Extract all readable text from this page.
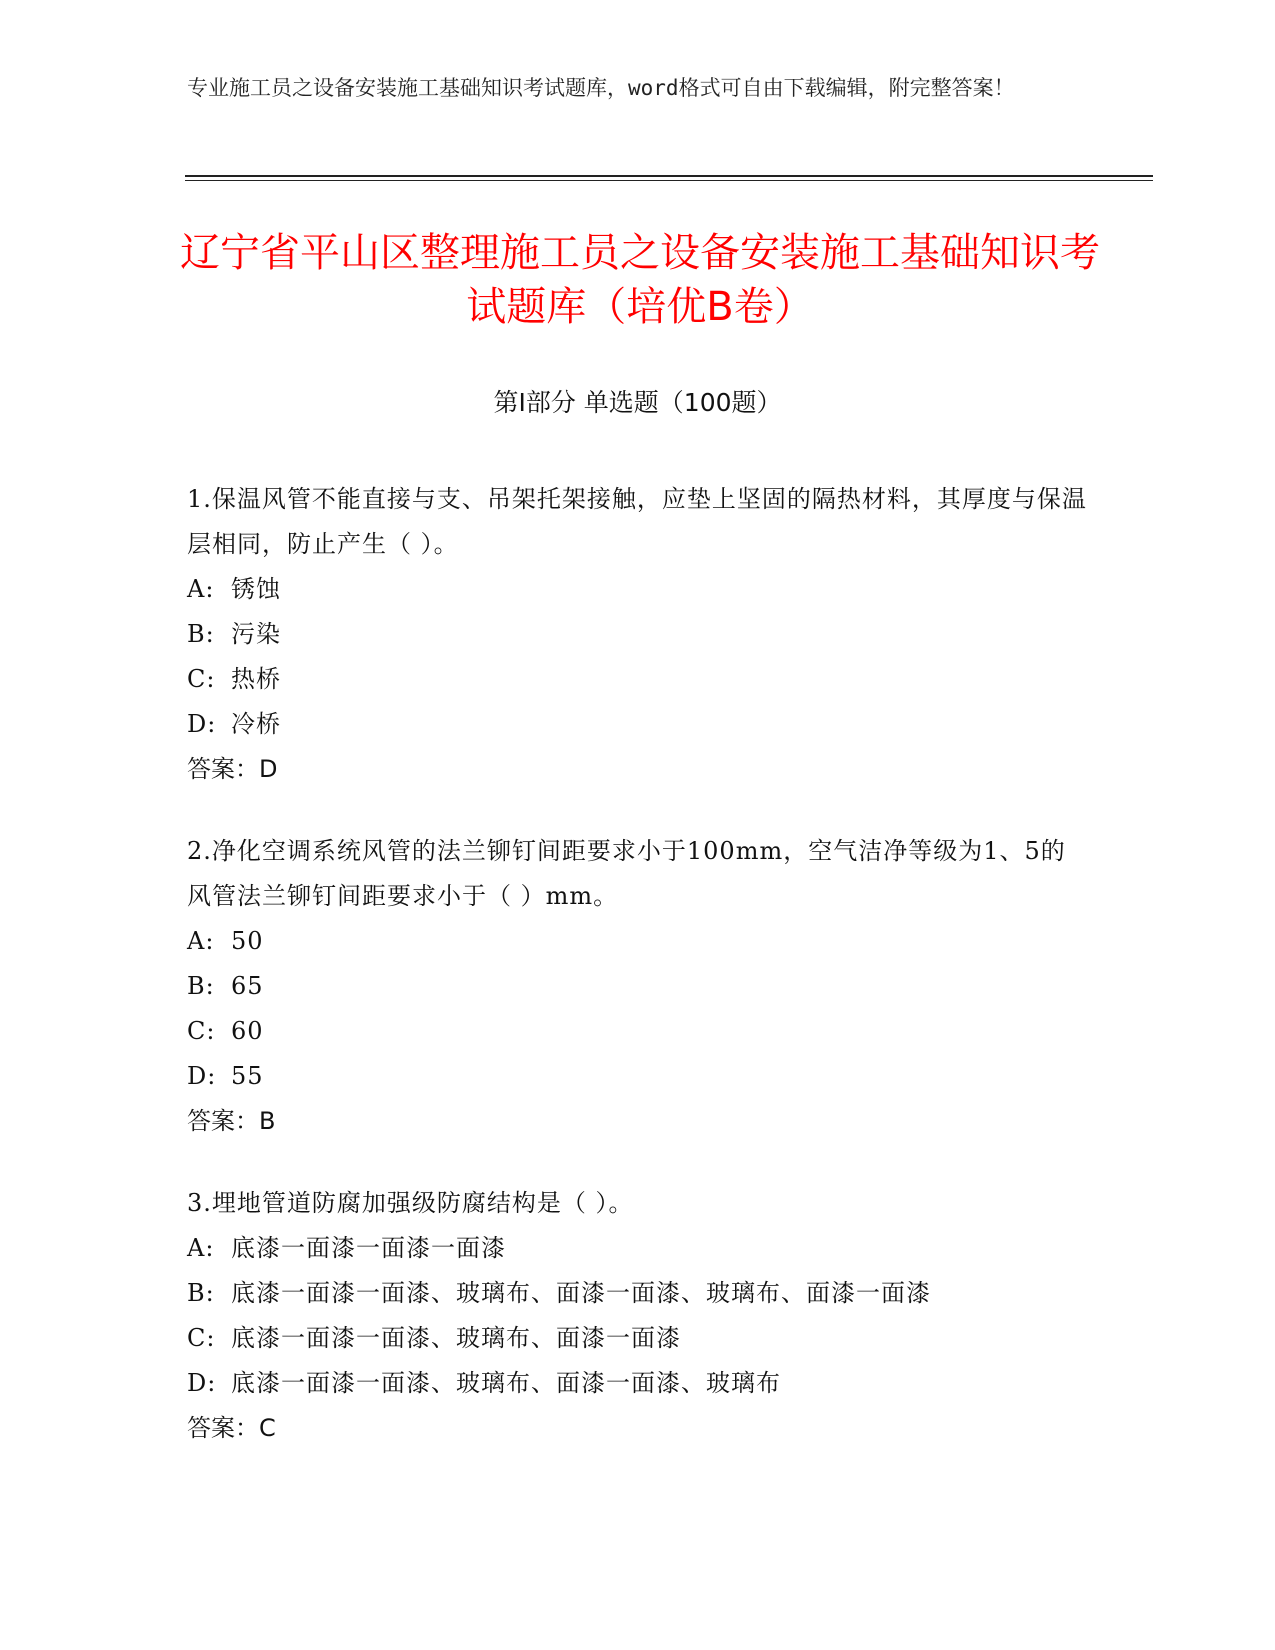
专业施工员之设备安装施工基础知识考试题库，word格式可自由下载编辑，附完整答案！
辽宁省平山区整理施工员之设备安装施工基础知识考试题库（培优B卷）
第I部分 单选题（100题）
1.保温风管不能直接与支、吊架托架接触，应垫上坚固的隔热材料，其厚度与保温层相同，防止产生（ ）。
A: 锈蚀
B: 污染
C: 热桥
D: 冷桥
答案：D
2.净化空调系统风管的法兰铆钉间距要求小于100mm，空气洁净等级为1、5的风管法兰铆钉间距要求小于（ ）mm。
A: 50
B: 65
C: 60
D: 55
答案：B
3.埋地管道防腐加强级防腐结构是（ ）。
A: 底漆一面漆一面漆一面漆
B: 底漆一面漆一面漆、玻璃布、面漆一面漆、玻璃布、面漆一面漆
C: 底漆一面漆一面漆、玻璃布、面漆一面漆
D: 底漆一面漆一面漆、玻璃布、面漆一面漆、玻璃布
答案：C
